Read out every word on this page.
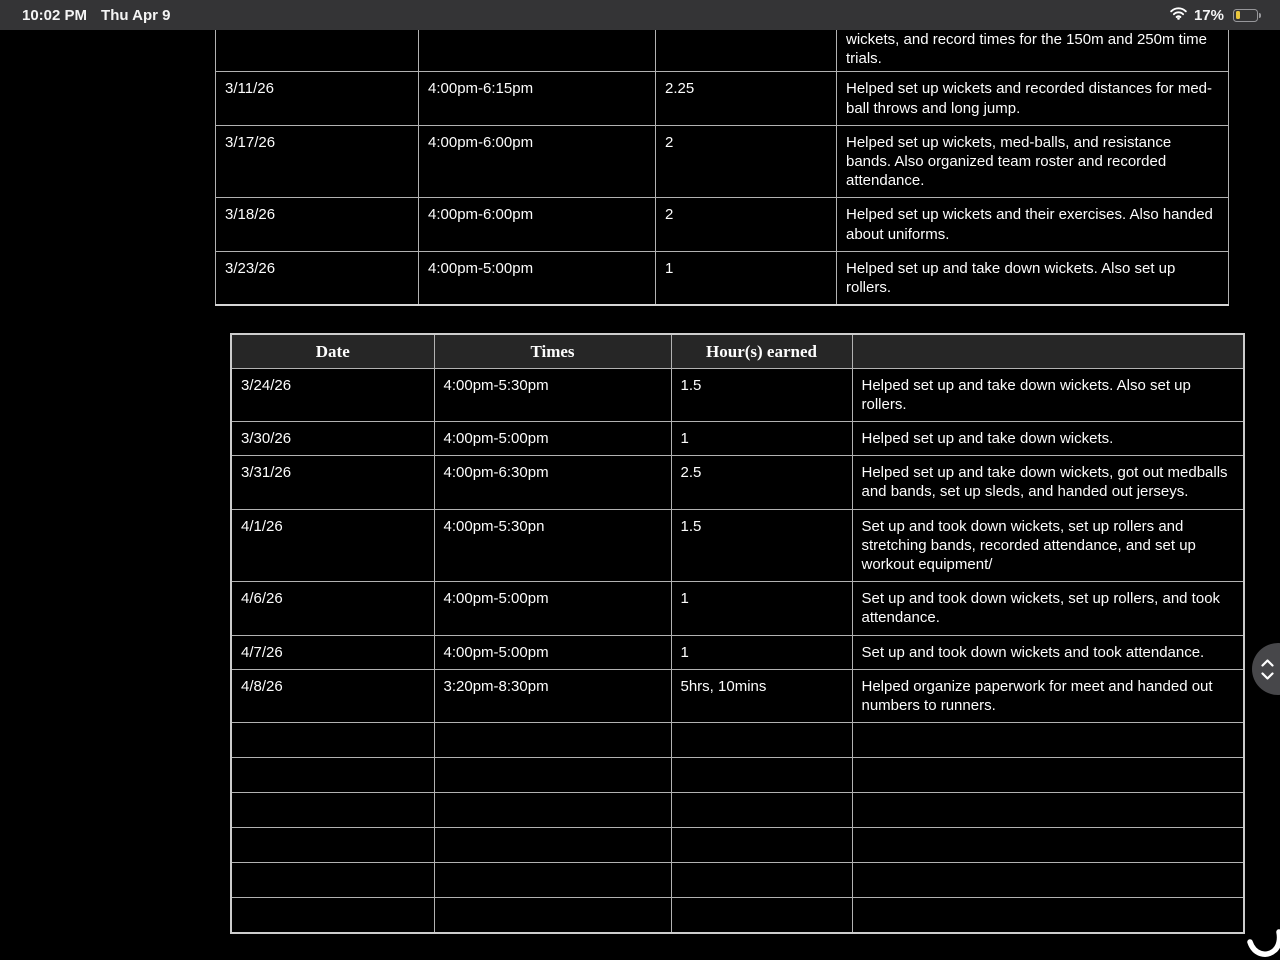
10:02 PM Thu Apr 9	17%
			wickets, and record times for the 150m and 250m time trials.
3/11/26	4:00pm-6:15pm	2.25	Helped set up wickets and recorded distances for med-ball throws and long jump.
3/17/26	4:00pm-6:00pm	2	Helped set up wickets, med-balls, and resistance bands. Also organized team roster and recorded attendance.
3/18/26	4:00pm-6:00pm	2	Helped set up wickets and their exercises. Also handed about uniforms.
3/23/26	4:00pm-5:00pm	1	Helped set up and take down wickets. Also set up rollers.
Date	Times	Hour(s) earned	
3/24/26	4:00pm-5:30pm	1.5	Helped set up and take down wickets. Also set up rollers.
3/30/26	4:00pm-5:00pm	1	Helped set up and take down wickets.
3/31/26	4:00pm-6:30pm	2.5	Helped set up and take down wickets, got out medballs and bands, set up sleds, and handed out jerseys.
4/1/26	4:00pm-5:30pn	1.5	Set up and took down wickets, set up rollers and stretching bands, recorded attendance, and set up workout equipment/
4/6/26	4:00pm-5:00pm	1	Set up and took down wickets, set up rollers, and took attendance.
4/7/26	4:00pm-5:00pm	1	Set up and took down wickets and took attendance.
4/8/26	3:20pm-8:30pm	5hrs, 10mins	Helped organize paperwork for meet and handed out numbers to runners.
